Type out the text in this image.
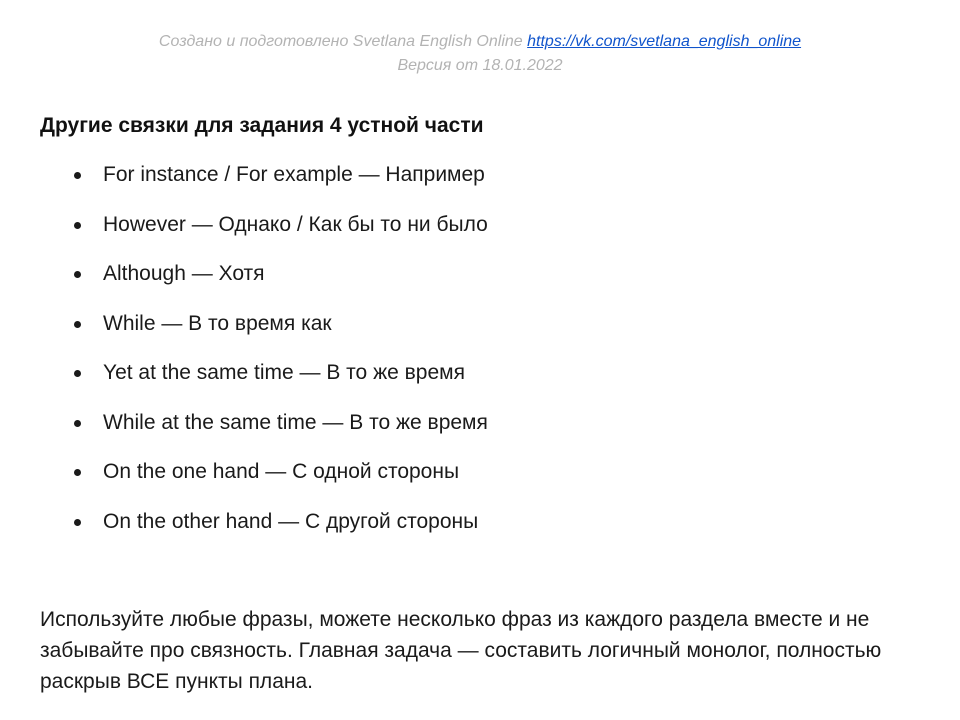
Создано и подготовлено Svetlana English Online https://vk.com/svetlana_english_online
Версия от 18.01.2022
Другие связки для задания 4 устной части
For instance / For example — Например
However — Однако / Как бы то ни было
Although — Хотя
While — В то время как
Yet at the same time — В то же время
While at the same time — В то же время
On the one hand — С одной стороны
On the other hand — С другой стороны

Используйте любые фразы, можете несколько фраз из каждого раздела вместе и не забывайте про связность. Главная задача — составить логичный монолог, полностью раскрыв ВСЕ пункты плана.
